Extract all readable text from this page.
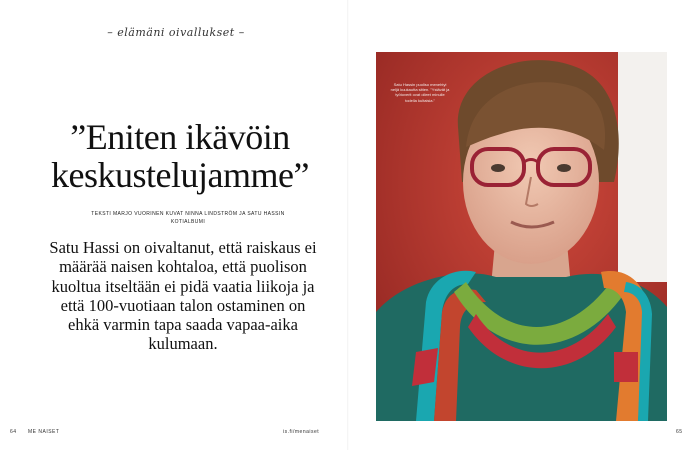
– elämäni oivallukset –
”Eniten ikävöin keskustelujamme”
TEKSTI MARJO VUORINEN KUVAT NINNA LINDSTRÖM JA SATU HASSIN KOTIALBUMI
Satu Hassi on oivaltanut, että raiskaus ei määrää naisen kohtaloa, että puolison kuoltua itseltään ei pidä vaatia liikoja ja että 100-vuotiaan talon ostaminen on ehkä varmin tapa saada vapaa-aika kulumaan.
64 ME NAISET	is.fi/menaiset	65
Satu Hassin puoliso menehtyi neljä kuukautta sitten. ”Ystävät ja työtoverit ovat olleet minulle todella kultaisia.”
